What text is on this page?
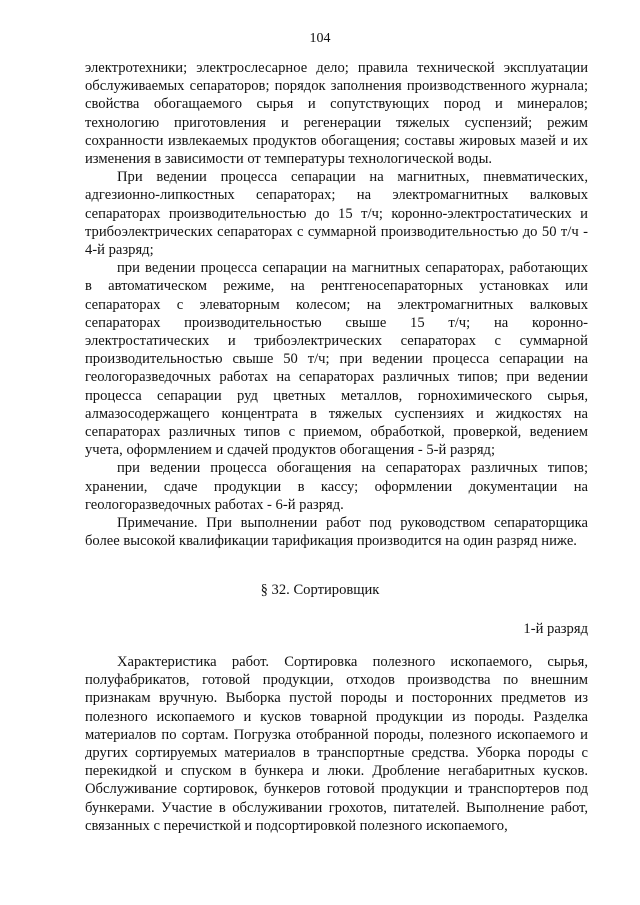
104

электротехники; электрослесарное дело; правила технической эксплуатации обслуживаемых сепараторов; порядок заполнения производственного журнала; свойства обогащаемого сырья и сопутствующих пород и минералов; технологию приготовления и регенерации тяжелых суспензий; режим сохранности извлекаемых продуктов обогащения; составы жировых мазей и их изменения в зависимости от температуры технологической воды.

При ведении процесса сепарации на магнитных, пневматических, адгезионно-липкостных сепараторах; на электромагнитных валковых сепараторах производительностью до 15 т/ч; коронно-электростатических и трибоэлектрических сепараторах с суммарной производительностью до 50 т/ч - 4-й разряд;

при ведении процесса сепарации на магнитных сепараторах, работающих в автоматическом режиме, на рентгеносепараторных установках или сепараторах с элеваторным колесом; на электромагнитных валковых сепараторах производительностью свыше 15 т/ч; на коронно-электростатических и трибоэлектрических сепараторах с суммарной производительностью свыше 50 т/ч; при ведении процесса сепарации на геологоразведочных работах на сепараторах различных типов; при ведении процесса сепарации руд цветных металлов, горнохимического сырья, алмазосодержащего концентрата в тяжелых суспензиях и жидкостях на сепараторах различных типов с приемом, обработкой, проверкой, ведением учета, оформлением и сдачей продуктов обогащения - 5-й разряд;

при ведении процесса обогащения на сепараторах различных типов; хранении, сдаче продукции в кассу; оформлении документации на геологоразведочных работах - 6-й разряд.

Примечание. При выполнении работ под руководством сепараторщика более высокой квалификации тарификация производится на один разряд ниже.

§ 32. Сортировщик
1-й разряд

Характеристика работ. Сортировка полезного ископаемого, сырья, полуфабрикатов, готовой продукции, отходов производства по внешним признакам вручную. Выборка пустой породы и посторонних предметов из полезного ископаемого и кусков товарной продукции из породы. Разделка материалов по сортам. Погрузка отобранной породы, полезного ископаемого и других сортируемых материалов в транспортные средства. Уборка породы с перекидкой и спуском в бункера и люки. Дробление негабаритных кусков. Обслуживание сортировок, бункеров готовой продукции и транспортеров под бункерами. Участие в обслуживании грохотов, питателей. Выполнение работ, связанных с перечисткой и подсортировкой полезного ископаемого,
